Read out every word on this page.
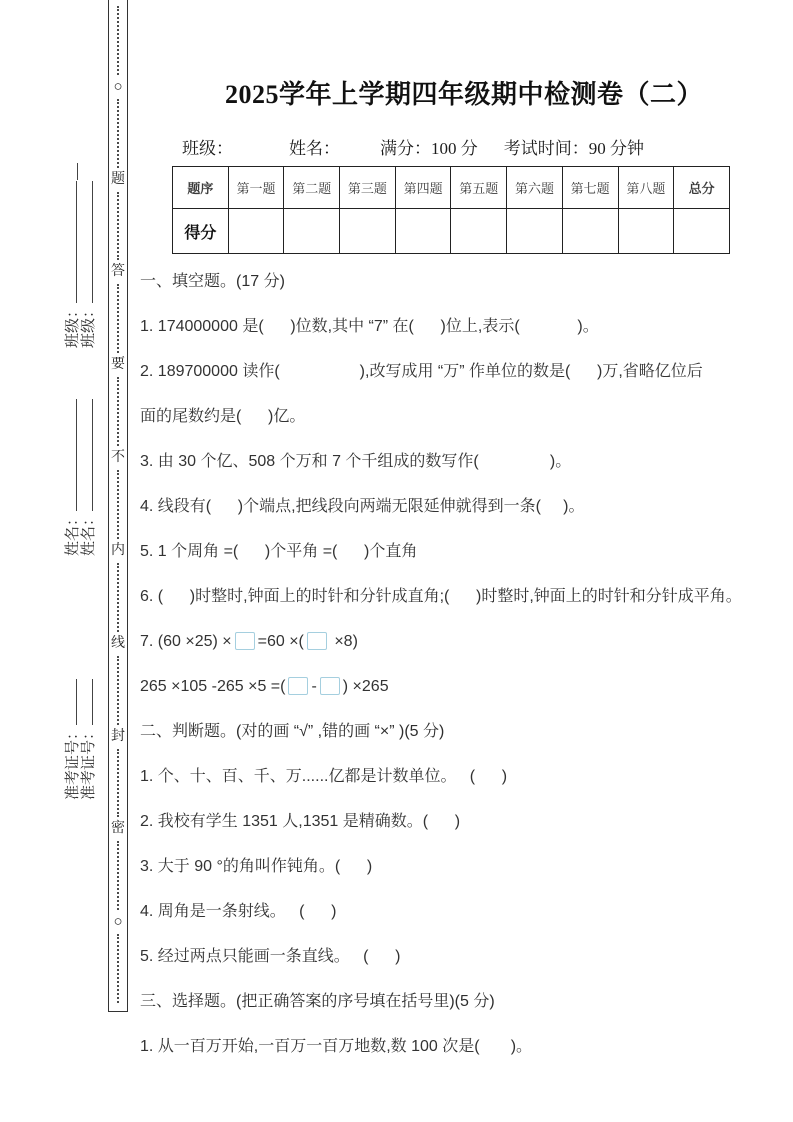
班级： 班级：
姓名： 姓名：
准考证号： 准考证号：
○
题
答
要
不
内
线
封
密
○
2025学年上学期四年级期中检测卷（二）
班级：	姓名： 满分：100 分 考试时间：90 分钟
题序	第一题	第二题	第三题	第四题	第五题	第六题	第七题	第八题	总分
得分									

一、填空题。(17 分)

1. 174000000 是(      )位数,其中 “7” 在(      )位上,表示(             )。

2. 189700000 读作(                  ),改写成用 “万” 作单位的数是(      )万,省略亿位后

面的尾数约是(      )亿。

3. 由 30 个亿、508 个万和 7 个千组成的数写作(                )。

4. 线段有(      )个端点,把线段向两端无限延伸就得到一条(     )。

5. 1 个周角 =(      )个平角 =(      )个直角

6. (      )时整时,钟面上的时针和分针成直角;(      )时整时,钟面上的时针和分针成平角。

7. (60 ×25) × =60 ×( ×8)

265 ×105 -265 ×5 =( - ) ×265

二、判断题。(对的画 “√” ,错的画 “×” )(5 分)

1. 个、十、百、千、万......亿都是计数单位。   (      )

2. 我校有学生 1351 人,1351 是精确数。(      )

3. 大于 90 °的角叫作钝角。(      )

4. 周角是一条射线。   (      )

5. 经过两点只能画一条直线。   (      )

三、选择题。(把正确答案的序号填在括号里)(5 分)

1. 从一百万开始,一百万一百万地数,数 100 次是(       )。
